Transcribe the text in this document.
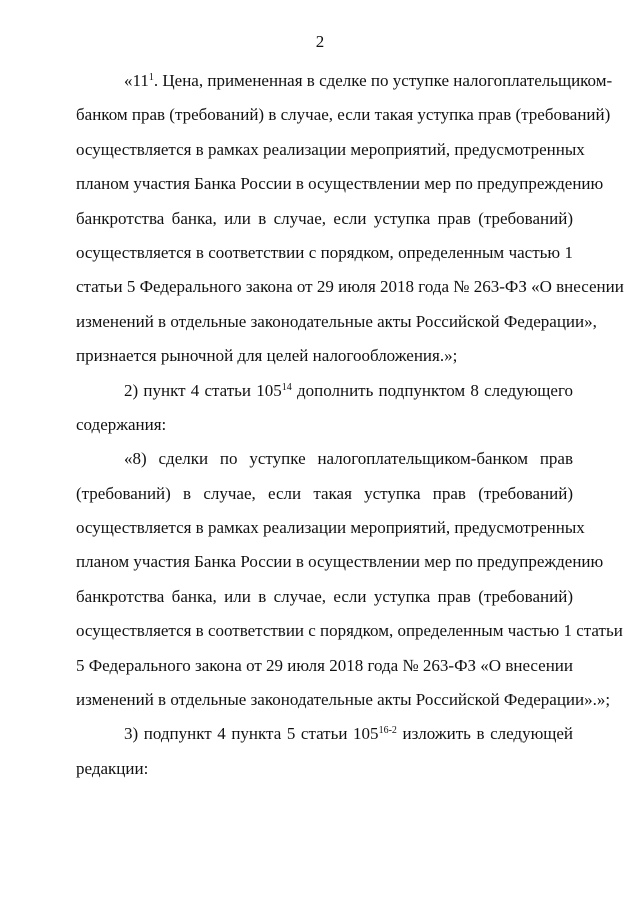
2
«$11^1$. Цена, примененная в сделке по уступке налогоплательщиком-
банком прав (требований) в случае, если такая уступка прав (требований)
осуществляется в рамках реализации мероприятий, предусмотренных
планом участия Банка России в осуществлении мер по предупреждению
банкротства банка, или в случае, если уступка прав (требований)
осуществляется в соответствии с порядком, определенным частью 1
статьи 5 Федерального закона от 29 июля 2018 года № 263-ФЗ «О внесении
изменений в отдельные законодательные акты Российской Федерации»,
признается рыночной для целей налогообложения.»;
2) пункт 4 статьи $105^{14}$ дополнить подпунктом 8 следующего
содержания:
«8) сделки по уступке налогоплательщиком-банком прав
(требований) в случае, если такая уступка прав (требований)
осуществляется в рамках реализации мероприятий, предусмотренных
планом участия Банка России в осуществлении мер по предупреждению
банкротства банка, или в случае, если уступка прав (требований)
осуществляется в соответствии с порядком, определенным частью 1 статьи
5 Федерального закона от 29 июля 2018 года № 263-ФЗ «О внесении
изменений в отдельные законодательные акты Российской Федерации».»;
3) подпункт 4 пункта 5 статьи 105$^{16-2}$ изложить в следующей
редакции:
